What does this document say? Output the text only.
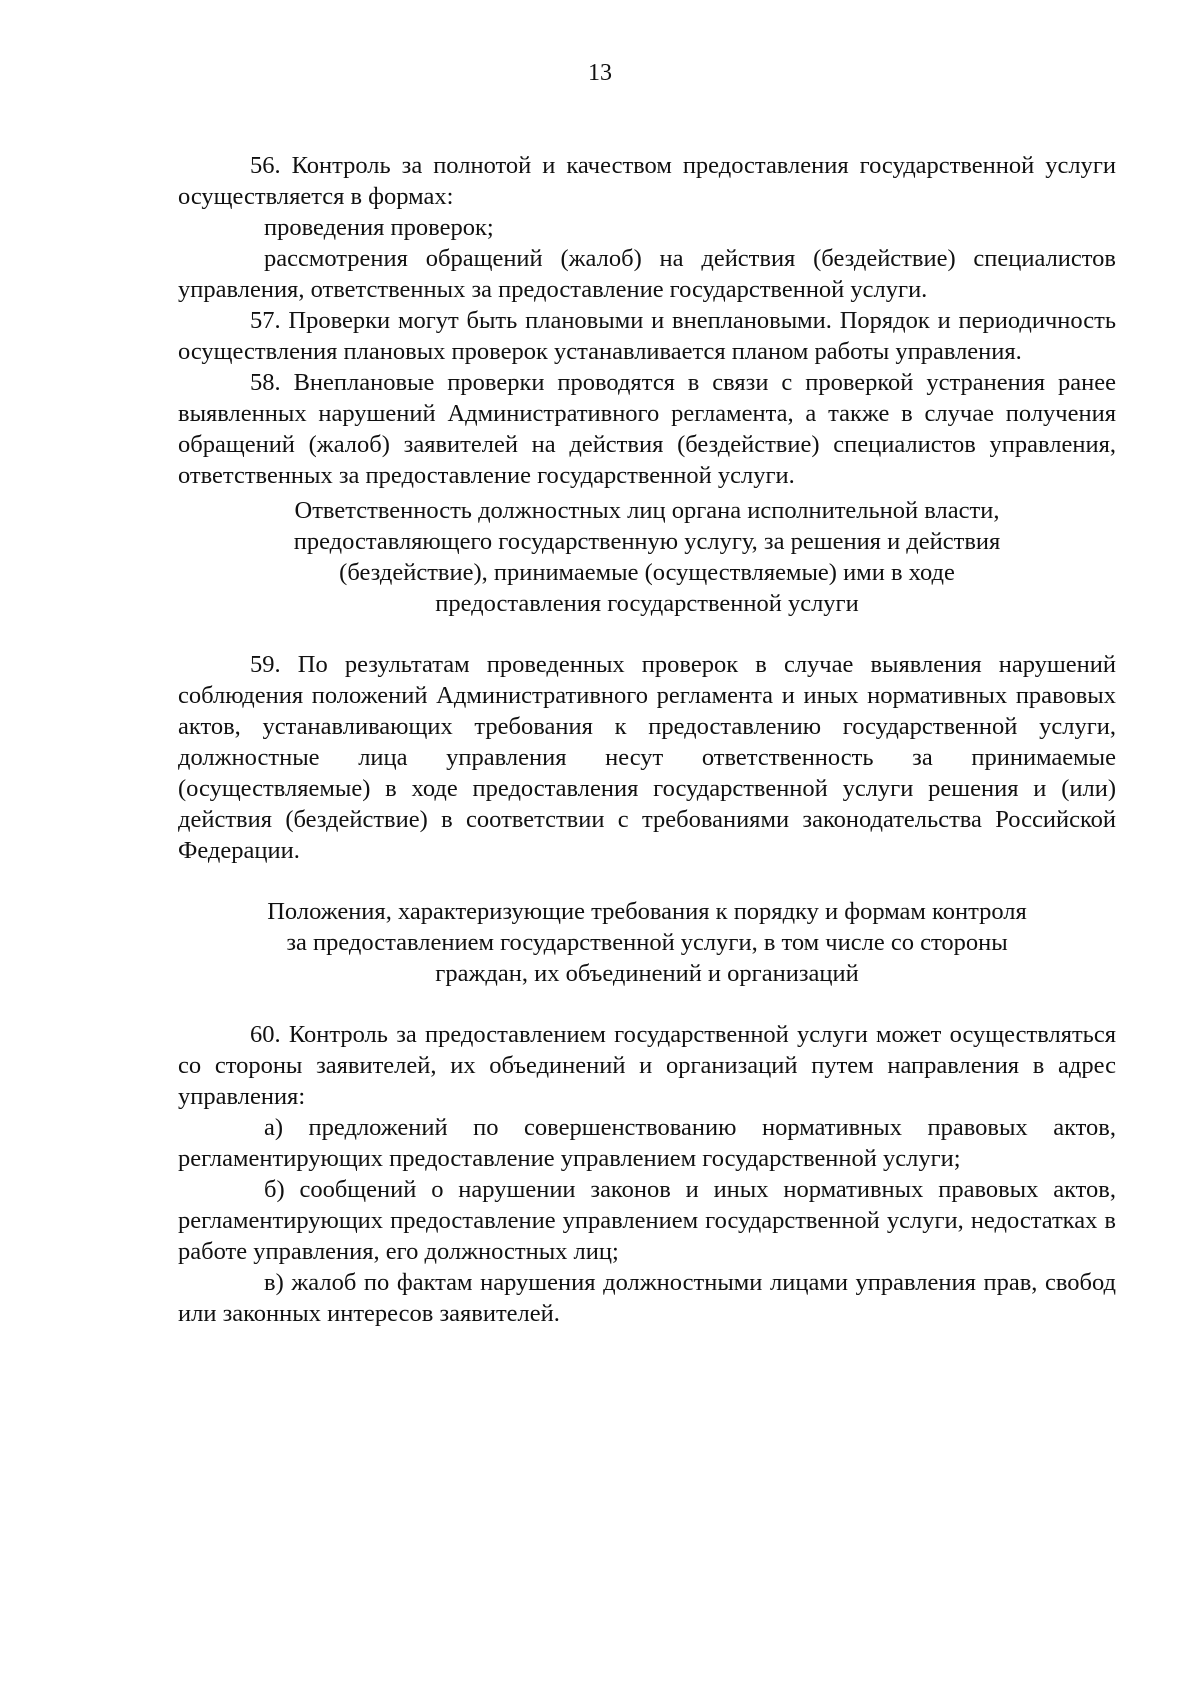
13

56. Контроль за полнотой и качеством предоставления государственной услуги осуществляется в формах:

проведения проверок;

рассмотрения обращений (жалоб) на действия (бездействие) специалистов управления, ответственных за предоставление государственной услуги.

57. Проверки могут быть плановыми и внеплановыми. Порядок и периодичность осуществления плановых проверок устанавливается планом работы управления.

58. Внеплановые проверки проводятся в связи с проверкой устранения ранее выявленных нарушений Административного регламента, а также в случае получения обращений (жалоб) заявителей на действия (бездействие) специалистов управления, ответственных за предоставление государственной услуги.

Ответственность должностных лиц органа исполнительной власти,
предоставляющего государственную услугу, за решения и действия
(бездействие), принимаемые (осуществляемые) ими в ходе
предоставления государственной услуги

59. По результатам проведенных проверок в случае выявления нарушений соблюдения положений Административного регламента и иных нормативных правовых актов, устанавливающих требования к предоставлению государственной услуги, должностные лица управления несут ответственность за принимаемые (осуществляемые) в ходе предоставления государственной услуги решения и (или) действия (бездействие) в соответствии с требованиями законодательства Российской Федерации.

Положения, характеризующие требования к порядку и формам контроля
за предоставлением государственной услуги, в том числе со стороны
граждан, их объединений и организаций

60. Контроль за предоставлением государственной услуги может осуществляться со стороны заявителей, их объединений и организаций путем направления в адрес управления:

а) предложений по совершенствованию нормативных правовых актов, регламентирующих предоставление управлением государственной услуги;

б) сообщений о нарушении законов и иных нормативных правовых актов, регламентирующих предоставление управлением государственной услуги, недостатках в работе управления, его должностных лиц;

в) жалоб по фактам нарушения должностными лицами управления прав, свобод или законных интересов заявителей.
